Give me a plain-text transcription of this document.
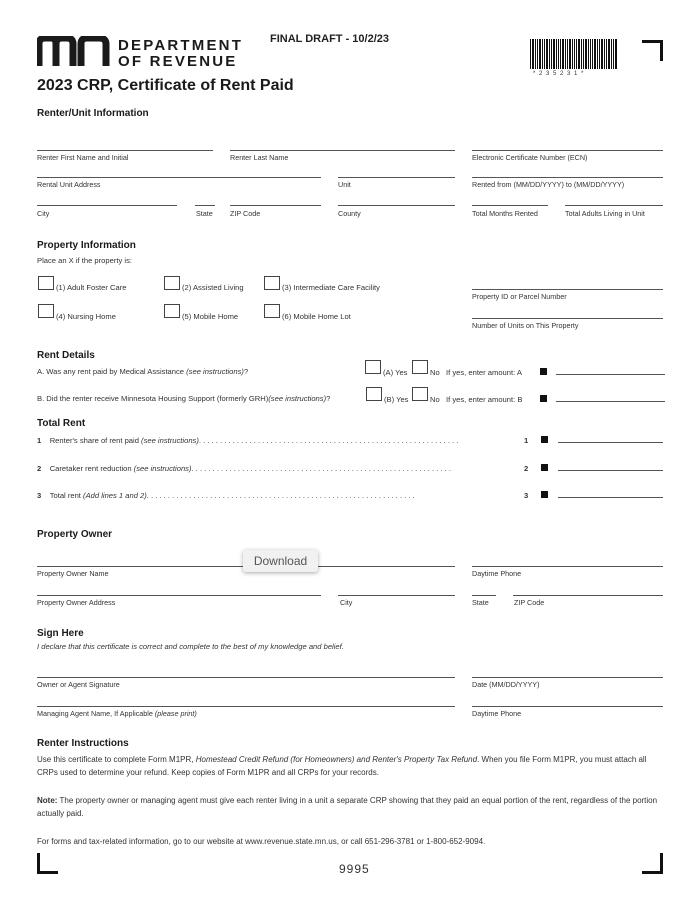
DEPARTMENT
OF REVENUE
FINAL DRAFT - 10/2/23
* 2 3 5 2 3 1 *
2023 CRP, Certificate of Rent Paid
Renter/Unit Information
Renter First Name and Initial	Renter Last Name	Electronic Certificate Number (ECN)
Rental Unit Address	Unit	Rented from (MM/DD/YYYY) to (MM/DD/YYYY)
City	State ZIP Code	County	Total Months Rented	Total Adults Living in Unit
Property Information
Place an X if the property is:
(1) Adult Foster Care	(2) Assisted Living	(3) Intermediate Care Facility
(4) Nursing Home	(5) Mobile Home	(6) Mobile Home Lot
Property ID or Parcel Number
Number of Units on This Property
Rent Details
A. Was any rent paid by Medical Assistance (see instructions)?	(A) Yes	No If yes, enter amount: A
B. Did the renter receive Minnesota Housing Support (formerly GRH)(see instructions)?	(B) Yes	No If yes, enter amount: B
Total Rent
1 Renter's share of rent paid (see instructions). . . . . . . . . . . . . . . . . . . . . . . . . . . . . . . . . . . . . . . . . . . . . . . . . . . . . . . . . . . . . .	1
2 Caretaker rent reduction (see instructions). . . . . . . . . . . . . . . . . . . . . . . . . . . . . . . . . . . . . . . . . . . . . . . . . . . . . . . . . . . . . .	2
3 Total rent (Add lines 1 and 2). . . . . . . . . . . . . . . . . . . . . . . . . . . . . . . . . . . . . . . . . . . . . . . . . . . . . . . . . . . . . . . .	3
Property Owner
Property Owner Name	Daytime Phone
Property Owner Address	City	State	ZIP Code
Download
Sign Here
I declare that this certificate is correct and complete to the best of my knowledge and belief.
Owner or Agent Signature	Date (MM/DD/YYYY)
Managing Agent Name, If Applicable (please print)	Daytime Phone
Renter Instructions
Use this certificate to complete Form M1PR, Homestead Credit Refund (for Homeowners) and Renter's Property Tax Refund. When you file Form M1PR, you must attach all CRPs used to determine your refund. Keep copies of Form M1PR and all CRPs for your records.
Note: The property owner or managing agent must give each renter living in a unit a separate CRP showing that they paid an equal portion of the rent, regardless of the portion actually paid.
For forms and tax-related information, go to our website at www.revenue.state.mn.us, or call 651-296-3781 or 1-800-652-9094.
9995
